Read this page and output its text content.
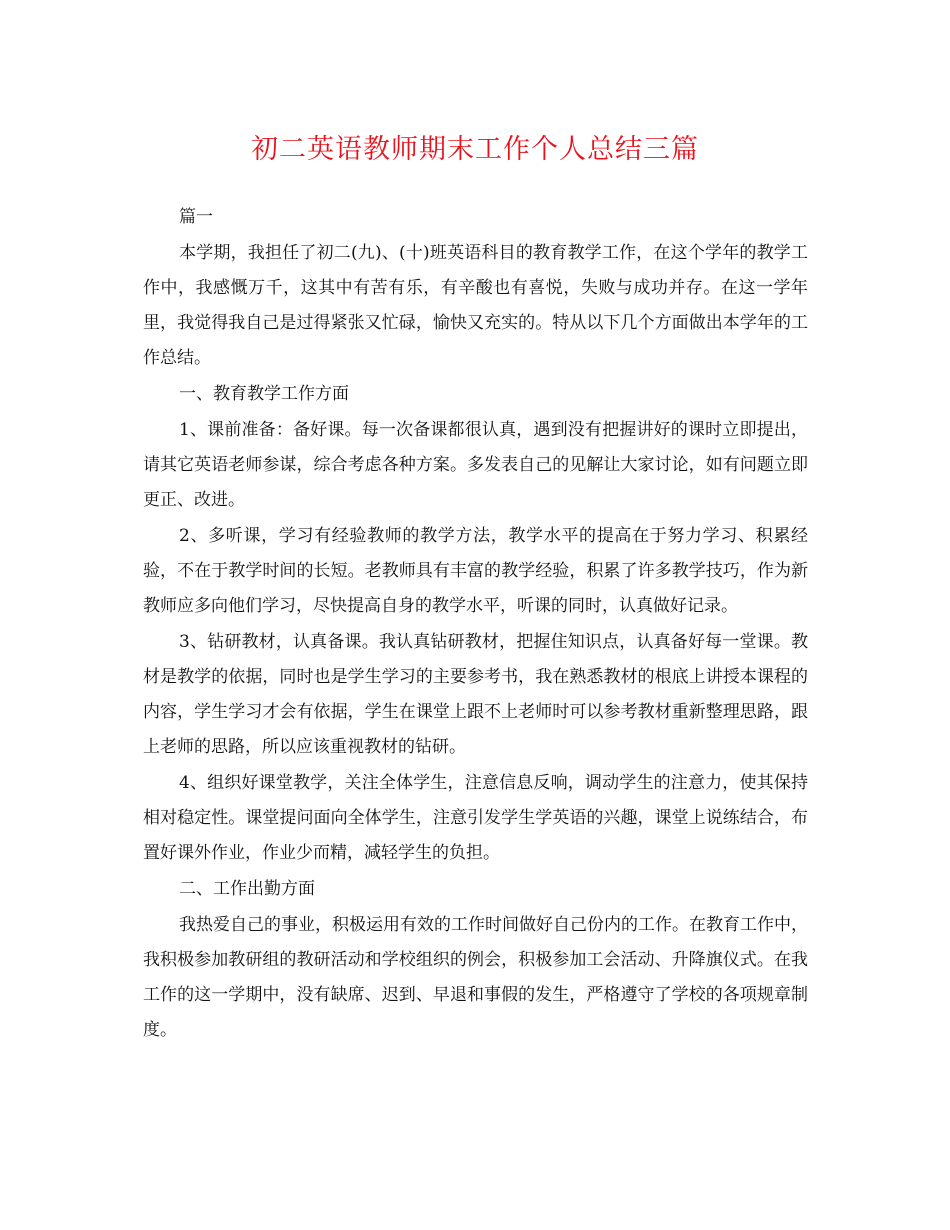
初二英语教师期末工作个人总结三篇

篇一

本学期，我担任了初二(九)、(十)班英语科目的教育教学工作，在这个学年的教学工作中，我感慨万千，这其中有苦有乐，有辛酸也有喜悦，失败与成功并存。在这一学年里，我觉得我自己是过得紧张又忙碌，愉快又充实的。特从以下几个方面做出本学年的工作总结。

一、教育教学工作方面

1、课前准备：备好课。每一次备课都很认真，遇到没有把握讲好的课时立即提出，请其它英语老师参谋，综合考虑各种方案。多发表自己的见解让大家讨论，如有问题立即更正、改进。

2、多听课，学习有经验教师的教学方法，教学水平的提高在于努力学习、积累经验，不在于教学时间的长短。老教师具有丰富的教学经验，积累了许多教学技巧，作为新教师应多向他们学习，尽快提高自身的教学水平，听课的同时，认真做好记录。

3、钻研教材，认真备课。我认真钻研教材，把握住知识点，认真备好每一堂课。教材是教学的依据，同时也是学生学习的主要参考书，我在熟悉教材的根底上讲授本课程的内容，学生学习才会有依据，学生在课堂上跟不上老师时可以参考教材重新整理思路，跟上老师的思路，所以应该重视教材的钻研。

4、组织好课堂教学，关注全体学生，注意信息反响，调动学生的注意力，使其保持相对稳定性。课堂提问面向全体学生，注意引发学生学英语的兴趣，课堂上说练结合，布置好课外作业，作业少而精，减轻学生的负担。

二、工作出勤方面

我热爱自己的事业，积极运用有效的工作时间做好自己份内的工作。在教育工作中，我积极参加教研组的教研活动和学校组织的例会，积极参加工会活动、升降旗仪式。在我工作的这一学期中，没有缺席、迟到、早退和事假的发生，严格遵守了学校的各项规章制度。
